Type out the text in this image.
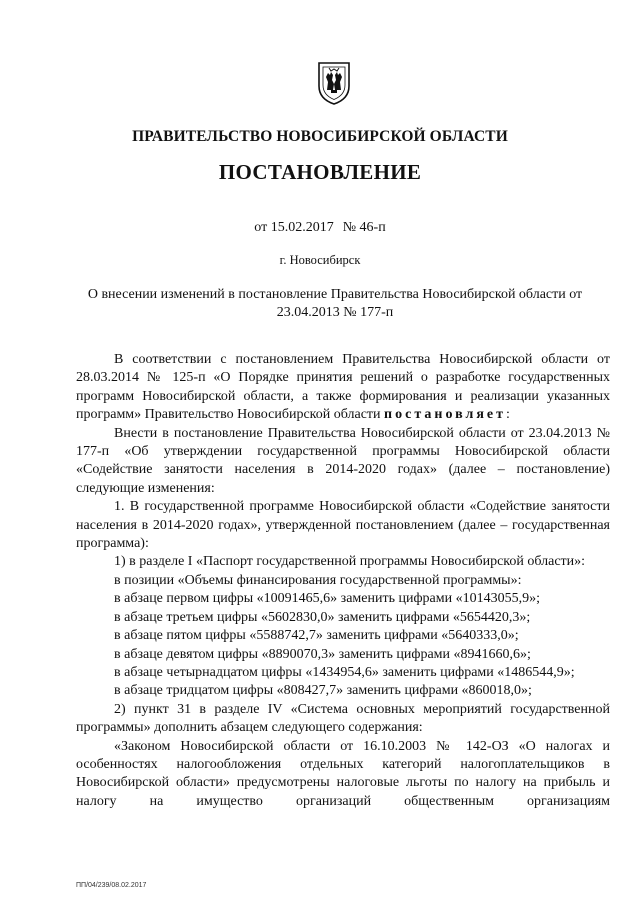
ПРАВИТЕЛЬСТВО НОВОСИБИРСКОЙ ОБЛАСТИ
ПОСТАНОВЛЕНИЕ
от 15.02.2017 № 46-п
г. Новосибирск
О внесении изменений в постановление Правительства Новосибирской области от 23.04.2013 № 177-п

В соответствии с постановлением Правительства Новосибирской области от 28.03.2014 № 125-п «О Порядке принятия решений о разработке государственных программ Новосибирской области, а также формирования и реализации указанных программ» Правительство Новосибирской области постановляет:

Внести в постановление Правительства Новосибирской области от 23.04.2013 № 177-п «Об утверждении государственной программы Новосибирской области «Содействие занятости населения в 2014-2020 годах» (далее – постановление) следующие изменения:

1. В государственной программе Новосибирской области «Содействие занятости населения в 2014-2020 годах», утвержденной постановлением (далее – государственная программа):

1) в разделе I «Паспорт государственной программы Новосибирской области»:

в позиции «Объемы финансирования государственной программы»:

в абзаце первом цифры «10091465,6» заменить цифрами «10143055,9»;

в абзаце третьем цифры «5602830,0» заменить цифрами «5654420,3»;

в абзаце пятом цифры «5588742,7» заменить цифрами «5640333,0»;

в абзаце девятом цифры «8890070,3» заменить цифрами «8941660,6»;

в абзаце четырнадцатом цифры «1434954,6» заменить цифрами «1486544,9»;

в абзаце тридцатом цифры «808427,7» заменить цифрами «860018,0»;

2) пункт 31 в разделе IV «Система основных мероприятий государственной программы» дополнить абзацем следующего содержания:

«Законом Новосибирской области от 16.10.2003 № 142-ОЗ «О налогах и особенностях налогообложения отдельных категорий налогоплательщиков в Новосибирской области» предусмотрены налоговые льготы по налогу на прибыль и налогу на имущество организаций общественным организациям

ПП/04/239/08.02.2017
